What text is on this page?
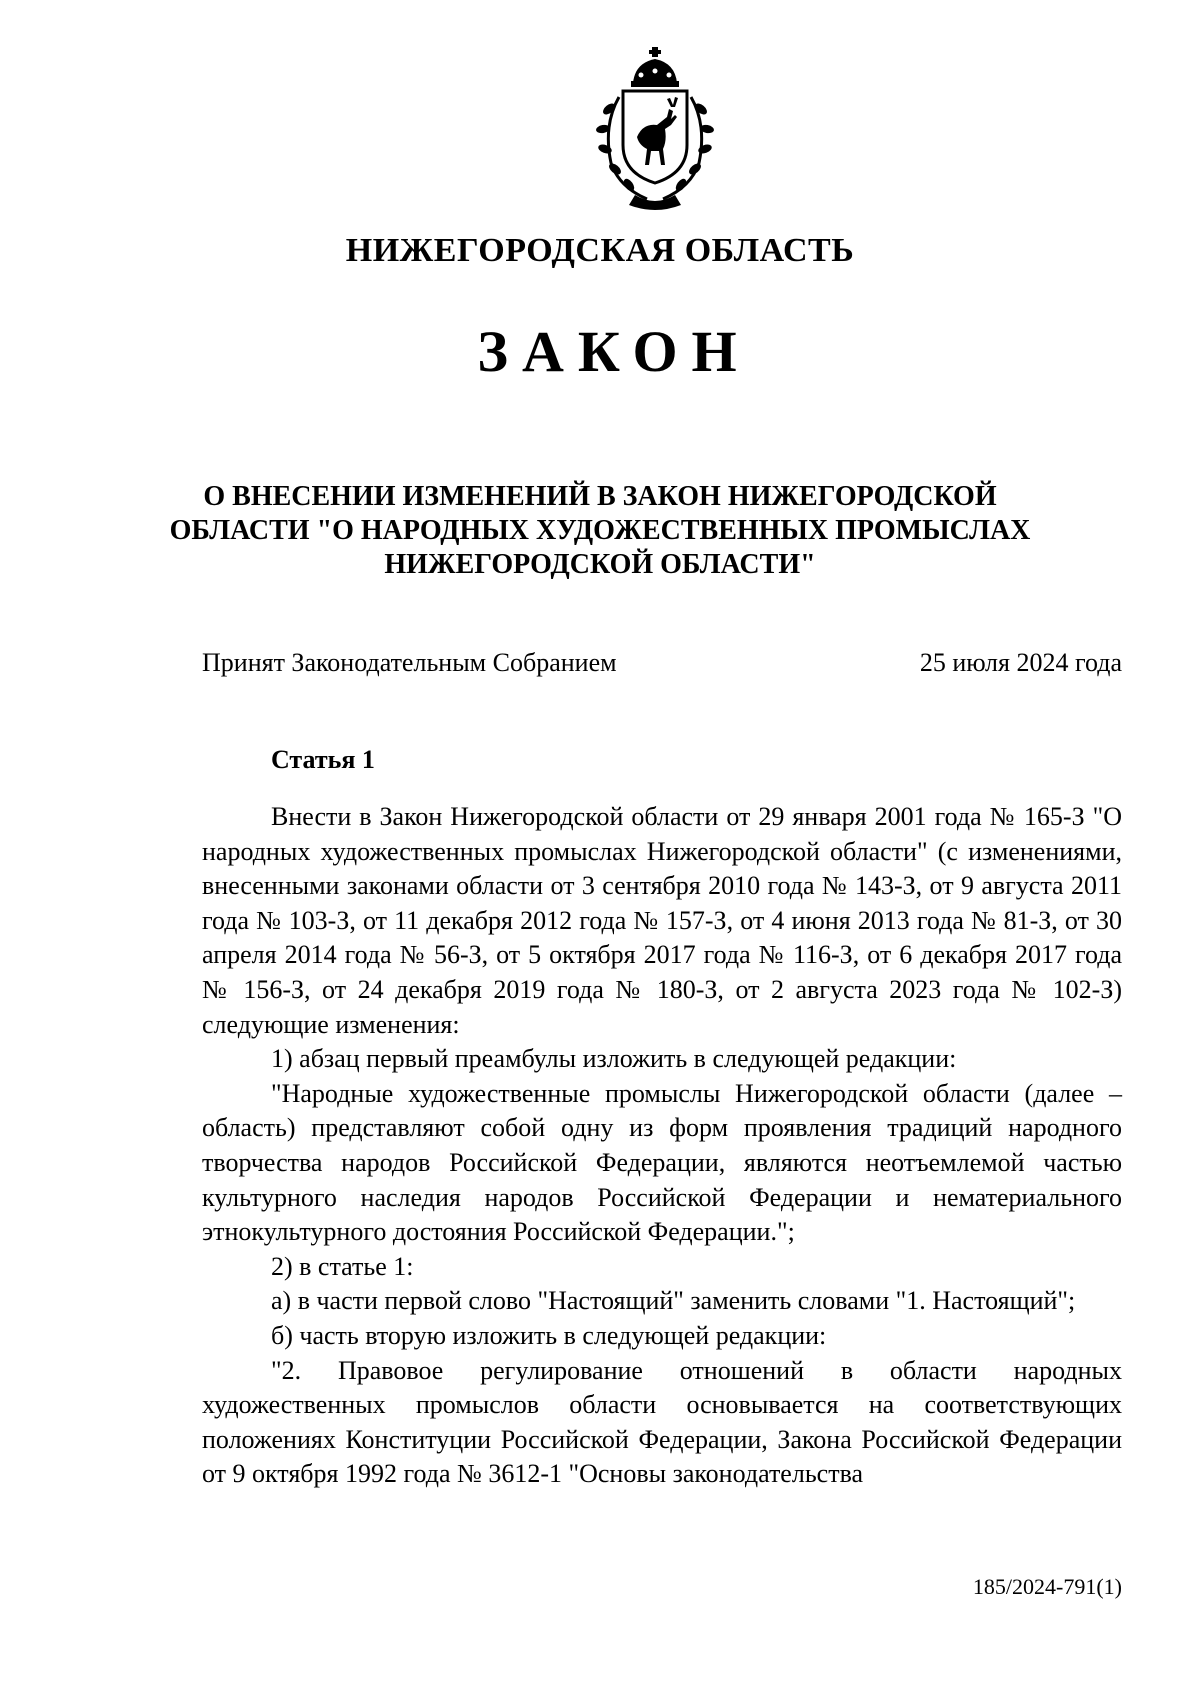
НИЖЕГОРОДСКАЯ ОБЛАСТЬ
ЗАКОН
О ВНЕСЕНИИ ИЗМЕНЕНИЙ В ЗАКОН НИЖЕГОРОДСКОЙ
ОБЛАСТИ "О НАРОДНЫХ ХУДОЖЕСТВЕННЫХ ПРОМЫСЛАХ
НИЖЕГОРОДСКОЙ ОБЛАСТИ"
Принят Законодательным Собранием	25 июля 2024 года
Статья 1

Внести в Закон Нижегородской области от 29 января 2001 года № 165-З "О народных художественных промыслах Нижегородской области" (с изменениями, внесенными законами области от 3 сентября 2010 года № 143-З, от 9 августа 2011 года № 103-З, от 11 декабря 2012 года № 157-З, от 4 июня 2013 года № 81-З, от 30 апреля 2014 года № 56-З, от 5 октября 2017 года № 116-З, от 6 декабря 2017 года № 156-З, от 24 декабря 2019 года № 180-З, от 2 августа 2023 года № 102-З) следующие изменения:

1) абзац первый преамбулы изложить в следующей редакции:

"Народные художественные промыслы Нижегородской области (далее – область) представляют собой одну из форм проявления традиций народного творчества народов Российской Федерации, являются неотъемлемой частью культурного наследия народов Российской Федерации и нематериального этнокультурного достояния Российской Федерации.";

2) в статье 1:

а) в части первой слово "Настоящий" заменить словами "1. Настоящий";

б) часть вторую изложить в следующей редакции:

"2. Правовое регулирование отношений в области народных художественных промыслов области основывается на соответствующих положениях Конституции Российской Федерации, Закона Российской Федерации от 9 октября 1992 года № 3612-1 "Основы законодательства

185/2024-791(1)
